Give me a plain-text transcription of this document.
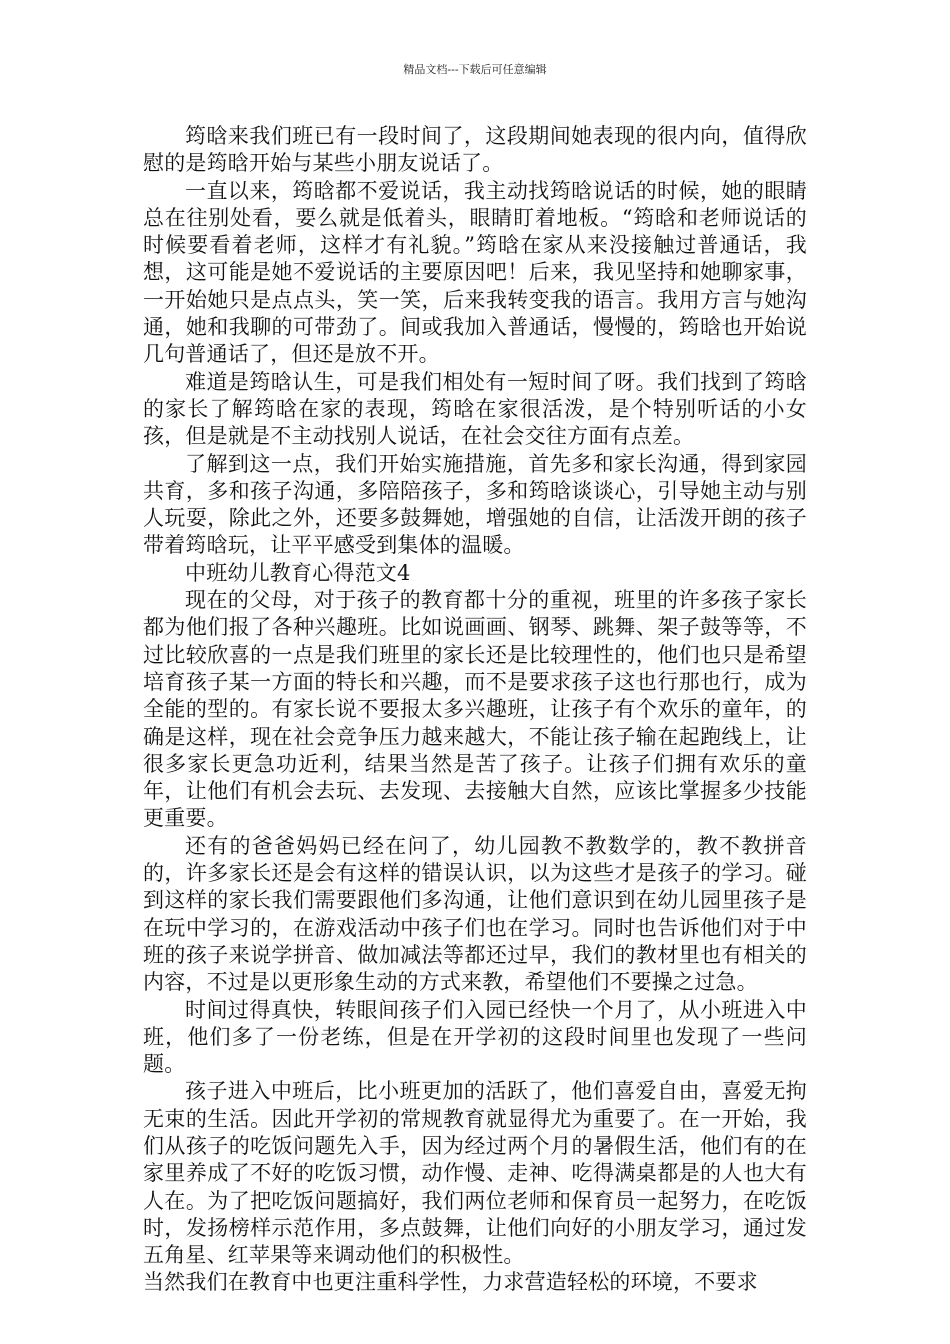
精品文档---下载后可任意编辑

筠晗来我们班已有一段时间了，这段期间她表现的很内向，值得欣慰的是筠晗开始与某些小朋友说话了。

一直以来，筠晗都不爱说话，我主动找筠晗说话的时候，她的眼睛总在往别处看，要么就是低着头，眼睛盯着地板。“筠晗和老师说话的时候要看着老师，这样才有礼貌。”筠晗在家从来没接触过普通话，我想，这可能是她不爱说话的主要原因吧！后来，我见坚持和她聊家事，一开始她只是点点头，笑一笑，后来我转变我的语言。我用方言与她沟通，她和我聊的可带劲了。间或我加入普通话，慢慢的，筠晗也开始说几句普通话了，但还是放不开。

难道是筠晗认生，可是我们相处有一短时间了呀。我们找到了筠晗的家长了解筠晗在家的表现，筠晗在家很活泼，是个特别听话的小女孩，但是就是不主动找别人说话，在社会交往方面有点差。

了解到这一点，我们开始实施措施，首先多和家长沟通，得到家园共育，多和孩子沟通，多陪陪孩子，多和筠晗谈谈心，引导她主动与别人玩耍，除此之外，还要多鼓舞她，增强她的自信，让活泼开朗的孩子带着筠晗玩，让平平感受到集体的温暖。

中班幼儿教育心得范文4

现在的父母，对于孩子的教育都十分的重视，班里的许多孩子家长都为他们报了各种兴趣班。比如说画画、钢琴、跳舞、架子鼓等等，不过比较欣喜的一点是我们班里的家长还是比较理性的，他们也只是希望培育孩子某一方面的特长和兴趣，而不是要求孩子这也行那也行，成为全能的型的。有家长说不要报太多兴趣班，让孩子有个欢乐的童年，的确是这样，现在社会竞争压力越来越大，不能让孩子输在起跑线上，让很多家长更急功近利，结果当然是苦了孩子。让孩子们拥有欢乐的童年，让他们有机会去玩、去发现、去接触大自然，应该比掌握多少技能更重要。

还有的爸爸妈妈已经在问了，幼儿园教不教数学的，教不教拼音的，许多家长还是会有这样的错误认识，以为这些才是孩子的学习。碰到这样的家长我们需要跟他们多沟通，让他们意识到在幼儿园里孩子是在玩中学习的，在游戏活动中孩子们也在学习。同时也告诉他们对于中班的孩子来说学拼音、做加减法等都还过早，我们的教材里也有相关的内容，不过是以更形象生动的方式来教，希望他们不要操之过急。

时间过得真快，转眼间孩子们入园已经快一个月了，从小班进入中班，他们多了一份老练，但是在开学初的这段时间里也发现了一些问题。

孩子进入中班后，比小班更加的活跃了，他们喜爱自由，喜爱无拘无束的生活。因此开学初的常规教育就显得尤为重要了。在一开始，我们从孩子的吃饭问题先入手，因为经过两个月的暑假生活，他们有的在家里养成了不好的吃饭习惯，动作慢、走神、吃得满桌都是的人也大有人在。为了把吃饭问题搞好，我们两位老师和保育员一起努力，在吃饭时，发扬榜样示范作用，多点鼓舞，让他们向好的小朋友学习，通过发五角星、红苹果等来调动他们的积极性。

当然我们在教育中也更注重科学性，力求营造轻松的环境，不要求
